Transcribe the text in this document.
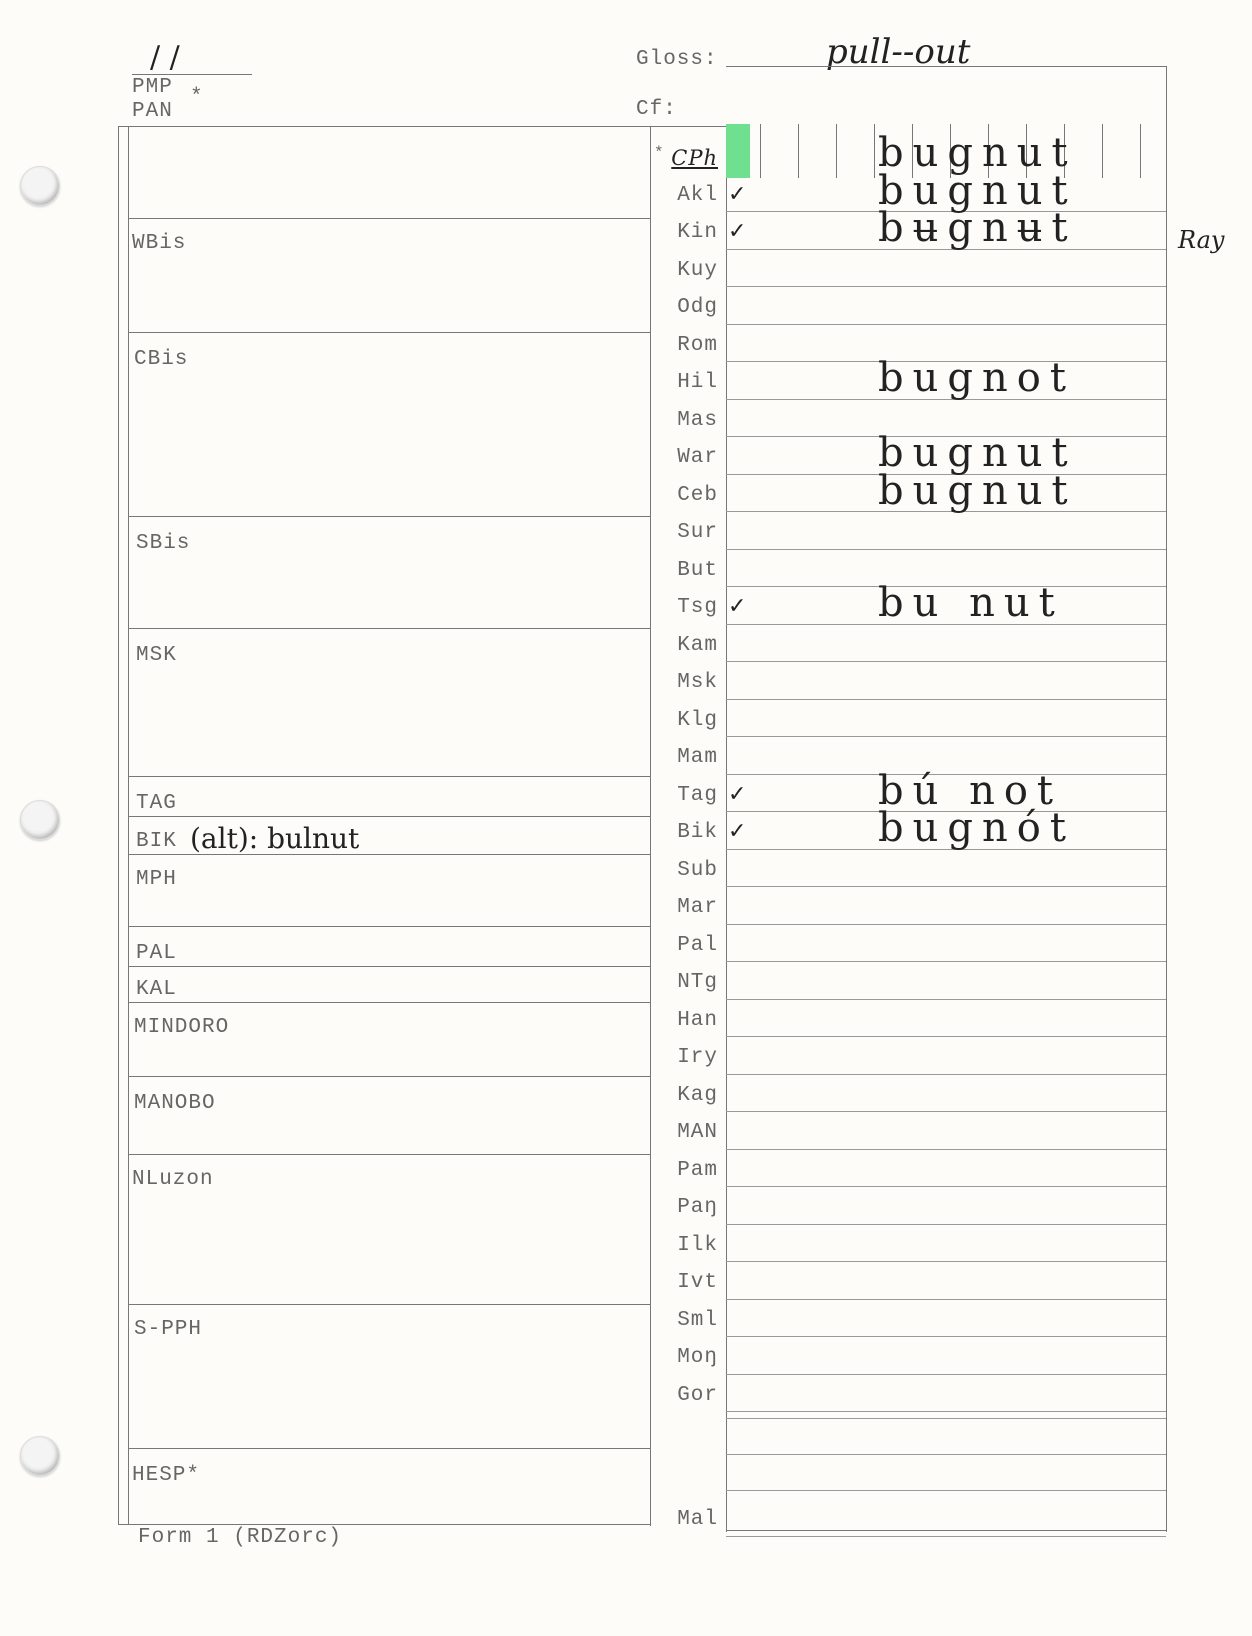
/ /
PMP *
PAN
Gloss:	pull--out
Cf:
WBis
CBis
SBis
MSK
TAG
BIK (alt): bulnut
MPH
PAL
KAL
MINDORO
MANOBO
NLuzon
S-PPH
HESP*
* CPh	bugnut
Akl ✓	bugnut
Kin ✓	bʉgnʉt
Kuy
Odg
Rom
Hil	bugnot
Mas
War	bugnut
Ceb	bugnut
Sur
But
Tsg ✓	bu nut
Kam
Msk
Klg
Mam
Tag ✓	bú not
Bik ✓	bugnót
Sub
Mar
Pal
NTg
Han
Iry
Kag
MAN
Pam
Paŋ
Ilk
Ivt
Sml
Moŋ
Gor
Mal
Ray
Form 1 (RDZorc)
